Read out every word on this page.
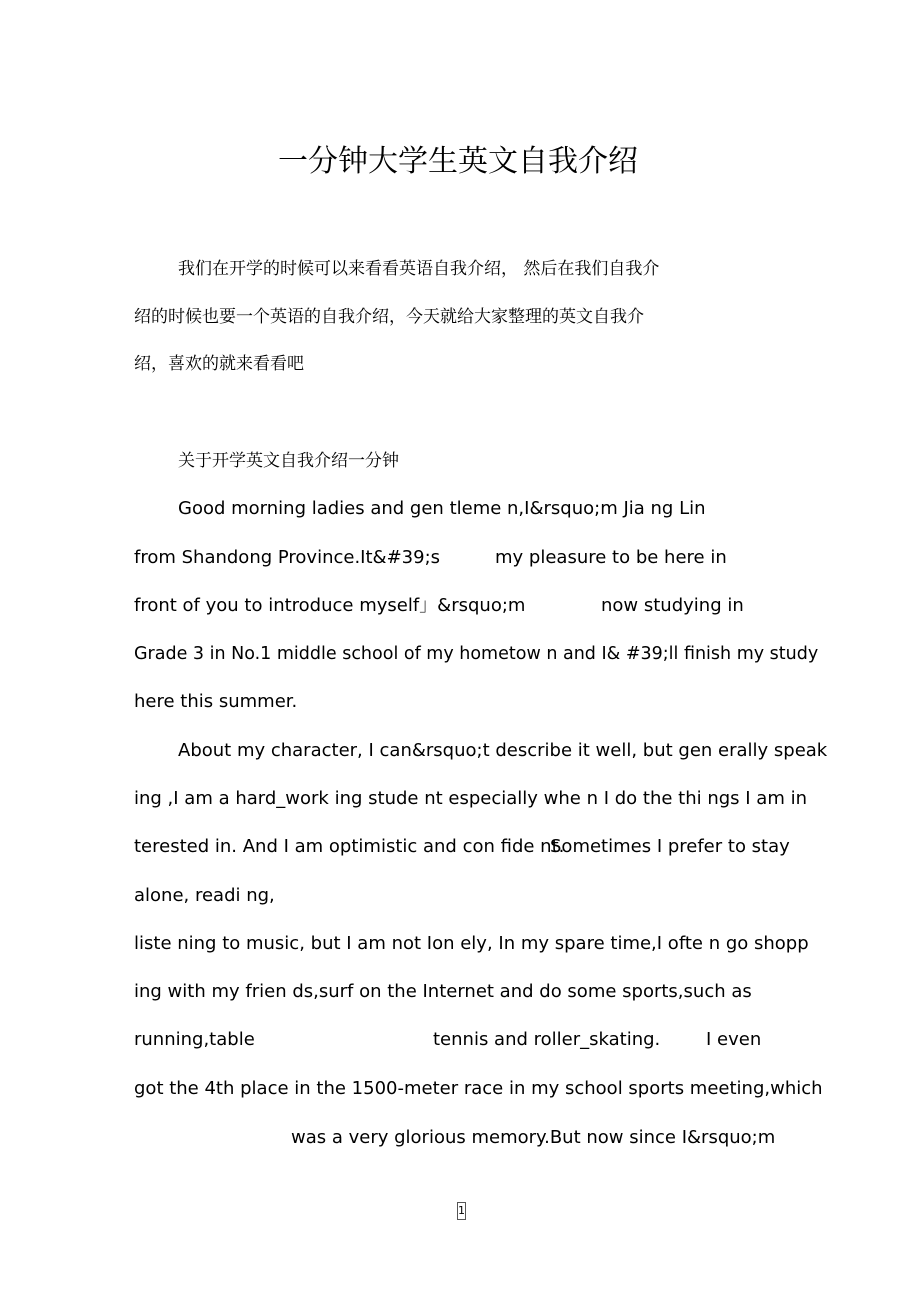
一分钟大学生英文自我介绍
我们在开学的时候可以来看看英语自我介绍， 然后在我们自我介
绍的时候也要一个英语的自我介绍，今天就给大家整理的英文自我介
绍，喜欢的就来看看吧
关于开学英文自我介绍一分钟
Good morning ladies and gen tleme n,I&rsquo;m Jia ng Lin
from Shandong Province.It&#39;s	my pleasure to be here in
front of you to introduce myself」&rsquo;m	now studying in
Grade 3 in No.1 middle school of my hometow n and I& #39;ll finish my study
here this summer.
About my character, I can&rsquo;t describe it well, but gen erally speak
ing ,I am a hard_work ing stude nt especially whe n I do the thi ngs I am in
terested in. And I am optimistic and con fide nt.
Sometimes I prefer to stay
alone, readi ng,
liste ning to music, but I am not Ion ely, In my spare time,I ofte n go shopp
ing with my frien ds,surf on the Internet and do some sports,such as
running,table	tennis and roller_skating.	I even
got the 4th place in the 1500-meter race in my school sports meeting,which
was a very glorious memory.But now since I&rsquo;m
1
